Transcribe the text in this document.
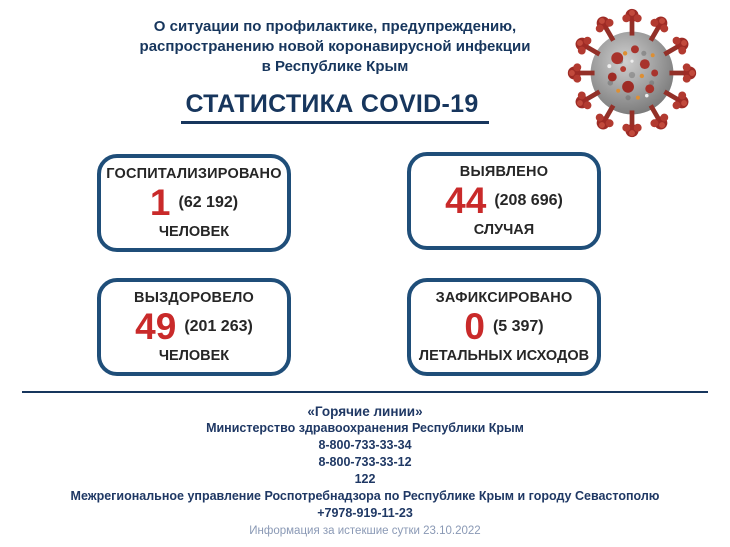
О ситуации по профилактике, предупреждению,
распространению новой коронавирусной инфекции
в Республике Крым
СТАТИСТИКА COVID-19
ГОСПИТАЛИЗИРОВАНО
1 (62 192)
ЧЕЛОВЕК
ВЫЯВЛЕНО
44 (208 696)
СЛУЧАЯ
ВЫЗДОРОВЕЛО
49 (201 263)
ЧЕЛОВЕК
ЗАФИКСИРОВАНО
0 (5 397)
ЛЕТАЛЬНЫХ ИСХОДОВ
«Горячие линии»
Министерство здравоохранения Республики Крым
8-800-733-33-34
8-800-733-33-12
122
Межрегиональное управление Роспотребнадзора по Республике Крым и городу Севастополю
+7978-919-11-23
Информация за истекшие сутки 23.10.2022
